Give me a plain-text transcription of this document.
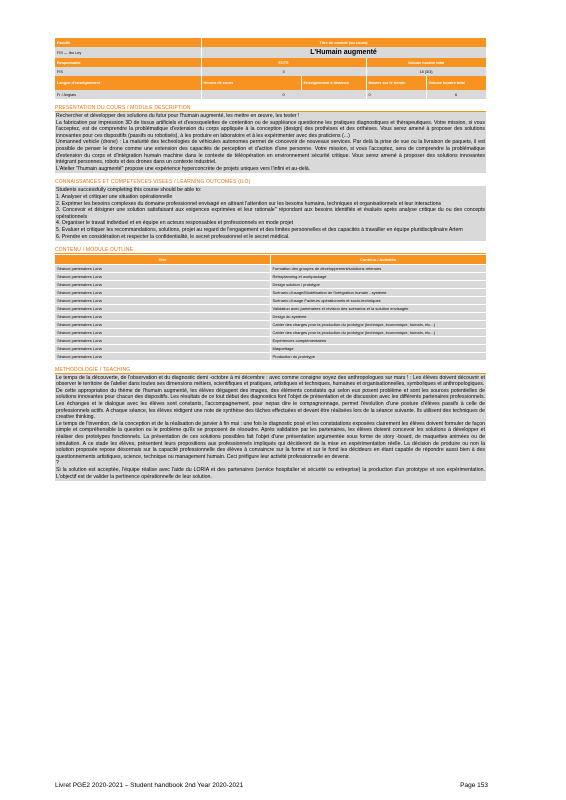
Faculté	Titre du module (ou cours)			
FIS — Ibo Ley	L'Humain augmenté			
Responsable	ECTS		Volume horaire total	
FIS	3		18 (3/3)	
Langue d'enseignement	Heures de cours	Enseignement à distance	Heures sur le terrain	Volume horaire total
Fr / Anglais	0		0	6
PRESENTATION DU COURS / MODULE DESCRIPTION

Rechercher et développer des solutions du futur pour l'humain augmenté, les mettre en œuvre, les tester !

La fabrication par impression 3D de tissus artificiels et d'exosquelettes de contention ou de suppléance questionne les pratiques diagnostiques et thérapeutiques. Votre mission, si vous l'acceptez, est de comprendre la problématique d'extension du corps appliquée à la conception (design) des prothèses et des orthèses. Vous serez amené à proposer des solutions innovantes pour ces dispositifs (passifs ou robotisés), à les produire en laboratoire et à les expérimenter avec des praticiens (...)

Unmanned vehicle (drone) : La maturité des technologies de véhicules autonomes permet de concevoir de nouveaux services. Par delà la prise de vue ou la livraison de paquets, il est possible de penser le drone comme une extension des capacités de perception et d'action d'une personne. Votre mission, si vous l'acceptez, sera de comprendre la problématique d'extension du corps et d'intégration humain machine dans le contexte de téléopération en environnement sécurité critique. Vous serez amené à proposer des solutions innovantes intégrant personnes, robots et des drones dans un contexte industriel.

L'Atelier "l'humain augmenté" propose une expérience hyperconcrète de projets uniques vers l'infini et au-delà.

CONNAISSANCES ET COMPETENCES VISEES / LEARNING OUTCOMES (ILO)

Students successfully completing this course should be able to:

1. Analyser et critiquer une situation opérationnelle

2. Exprimer les besoins complexes du domaine professionnel envisagé en attirant l'attention sur les besoins humains, techniques et organisationnels et leur interactions

3. Concevoir et désigner une solution satisfaisant aux exigences exprimées et leur rationale" répondant aux besoins identifiés et évalués après analyse critique du ou des concepts opérationnels

4. Organiser le travail individuel et en équipe en acteurs responsables et professionnels en mode projet

5. Évaluer et critiquer les recommandations, solutions, projet au regard de l'engagement et des limites personnelles et des capacités à travailler en équipe pluridisciplinaire Artem

6. Prendre en considération et respecter la confidentialité, le secret professionnel et le secret médical.

CONTENU / MODULE OUTLINE
Titre	Contenu / Activités
Séance partenaires Loria	Formation des groupes de développement/solutions retenues
Séance partenaires Loria	Retroplanning et workpackage
Séance partenaires Loria	Design solution / prototype
Séance partenaires Loria	Scénario d'usage/Modélisation de l'intégration humain - système
Séance partenaires Loria	Scénario d'usage Facteurs opérationnels et socio-techniques
Séance partenaires Loria	Validation avec partenaires et révision des scénarios et la solution envisagée
Séance partenaires Loria	Design du système
Séance partenaires Loria	Cahier des charges pour la production du prototype (technique, économique, humain, etc...)
Séance partenaires Loria	Cahier des charges pour la production du prototype (technique, économique, humain, etc...)
Séance partenaires Loria	Expériences complémentaires
Séance partenaires Loria	Maquettage
Séance partenaires Loria	Production du prototype
METHODOLOGIE / TEACHING

Le temps de la découverte, de l'observation et du diagnostic demi -octobre à mi décembre : avec comme consigne soyez des anthropologues sur mars ! : Les élèves doivent découvrir et observer le territoire de l'atelier dans toutes ses dimensions métiers, scientifiques et pratiques, artistiques et techniques, humaines et organisationnelles, symboliques et anthropologiques.

De cette appropriation du thème de l'humain augmenté, les élèves dégagent des images, des éléments constatés qui selon eux posent problème et sont les sources potentielles de solutions innovantes pour chacun des dispositifs. Les résultats de ce tout début des diagnostics font l'objet de présentation et de discussion avec les différents partenaires professionnels. Les échanges et le dialogue avec les élèves sont constants, l'accompagnement, pour nepas dire le compagnonnage, permet l'évolution d'une posture d'élèves passifs à celle de professionnels actifs. A chaque séance, les élèves rédigent une note de synthèse des tâches effectuées et devant être réalisées lors de la séance suivante. Ils utilisent des techniques de creative thinking.

Le temps de l'invention, de la conception et de la réalisation de janvier à fin mai : une fois le diagnostic posé et les constatations exposées clairement les élèves doivent formuler de façon simple et compréhensible la question ou le problème qu'ils se proposent de résoudre. Après validation par les partenaires, les élèves doivent concevoir les solutions à développer et réaliser des prototypes fonctionnels. La présentation de ces solutions possibles fait l'objet d'une présentation argumentée sous forme de story -board, de maquettes animées ou de simulation. A ce stade les élèves, présentent leurs propositions aux professionnels impliqués qui décideront de la mise en expérimentation réelle. La décision de produire ou non la solution proposée repose désormais sur la capacité professionnelle des élèves à convaincre sur la forme et sur le fond les décideurs en étant capable de répondre aussi bien à des questionnements artistiques, science, technique ou management humain. Ceci préfigure leur activité professionnelle en devenir.

?

Si la solution est acceptée, l'équipe réalise avec l'aide du LORIA et des partenaires (service hospitalier et sécurité ou entreprise) la production d'un prototype et son expérimentation. L'objectif est de valider la pertinence opérationnelle de leur solution.

Livret PGE2 2020-2021 – Student handbook 2nd Year 2020-2021	Page 153
